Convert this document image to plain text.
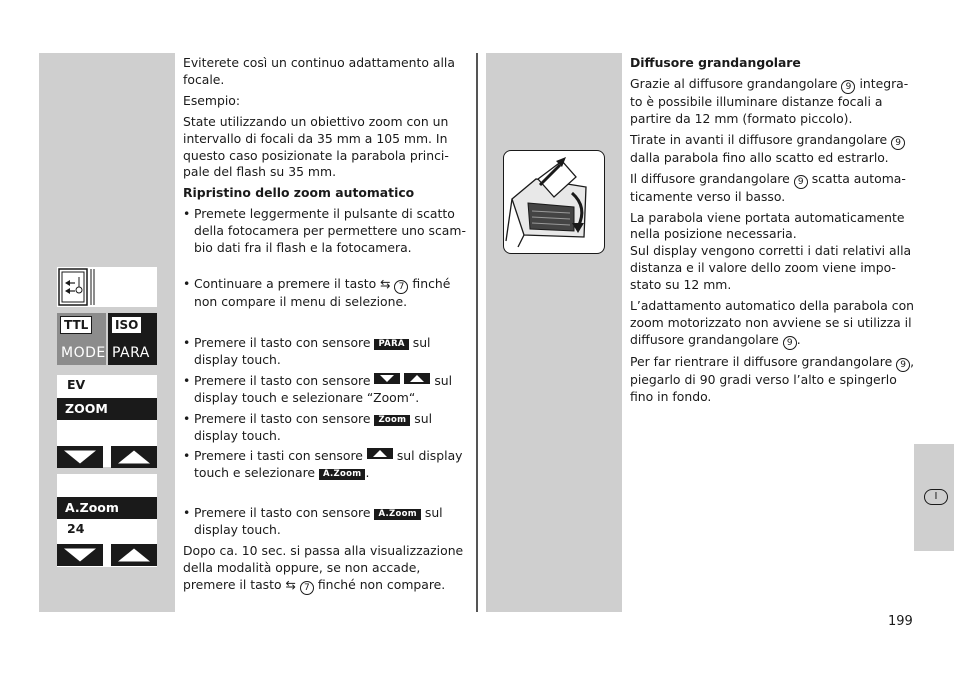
TTL
MODE
ISO
PARA
EV
ZOOM
A.Zoom
24

Eviterete così un continuo adattamento alla focale.

Esempio:

State utilizzando un obiettivo zoom con un intervallo di focali da 35 mm a 105 mm. In questo caso posizionate la parabola princi-pale del flash su 35 mm.

Ripristino dello zoom automatico

• Premete leggermente il pulsante di scatto della fotocamera per permettere uno scam-bio dati fra il flash e la fotocamera.

• Continuare a premere il tasto ⇆ 7 finché non compare il menu di selezione.

• Premere il tasto con sensore PARA sul display touch.

• Premere il tasto con sensore	sul display touch e selezionare “Zoom“.

• Premere il tasto con sensore Zoom sul display touch.

• Premere i tasti con sensore	sul display touch e selezionare A.Zoom .

• Premere il tasto con sensore A.Zoom sul display touch.

Dopo ca. 10 sec. si passa alla visualizzazione della modalità oppure, se non accade, premere il tasto ⇆ 7 finché non compare.

Diffusore grandangolare

Grazie al diffusore grandangolare 9 integra-to è possibile illuminare distanze focali a partire da 12 mm (formato piccolo).

Tirate in avanti il diffusore grandangolare 9 dalla parabola fino allo scatto ed estrarlo.

Il diffusore grandangolare 9 scatta automa-ticamente verso il basso.

La parabola viene portata automaticamente nella posizione necessaria.

Sul display vengono corretti i dati relativi alla distanza e il valore dello zoom viene impo-stato su 12 mm.

L’adattamento automatico della parabola con zoom motorizzato non avviene se si utilizza il diffusore grandangolare 9 .

Per far rientrare il diffusore grandangolare 9 , piegarlo di 90 gradi verso l’alto e spingerlo fino in fondo.

I
199
